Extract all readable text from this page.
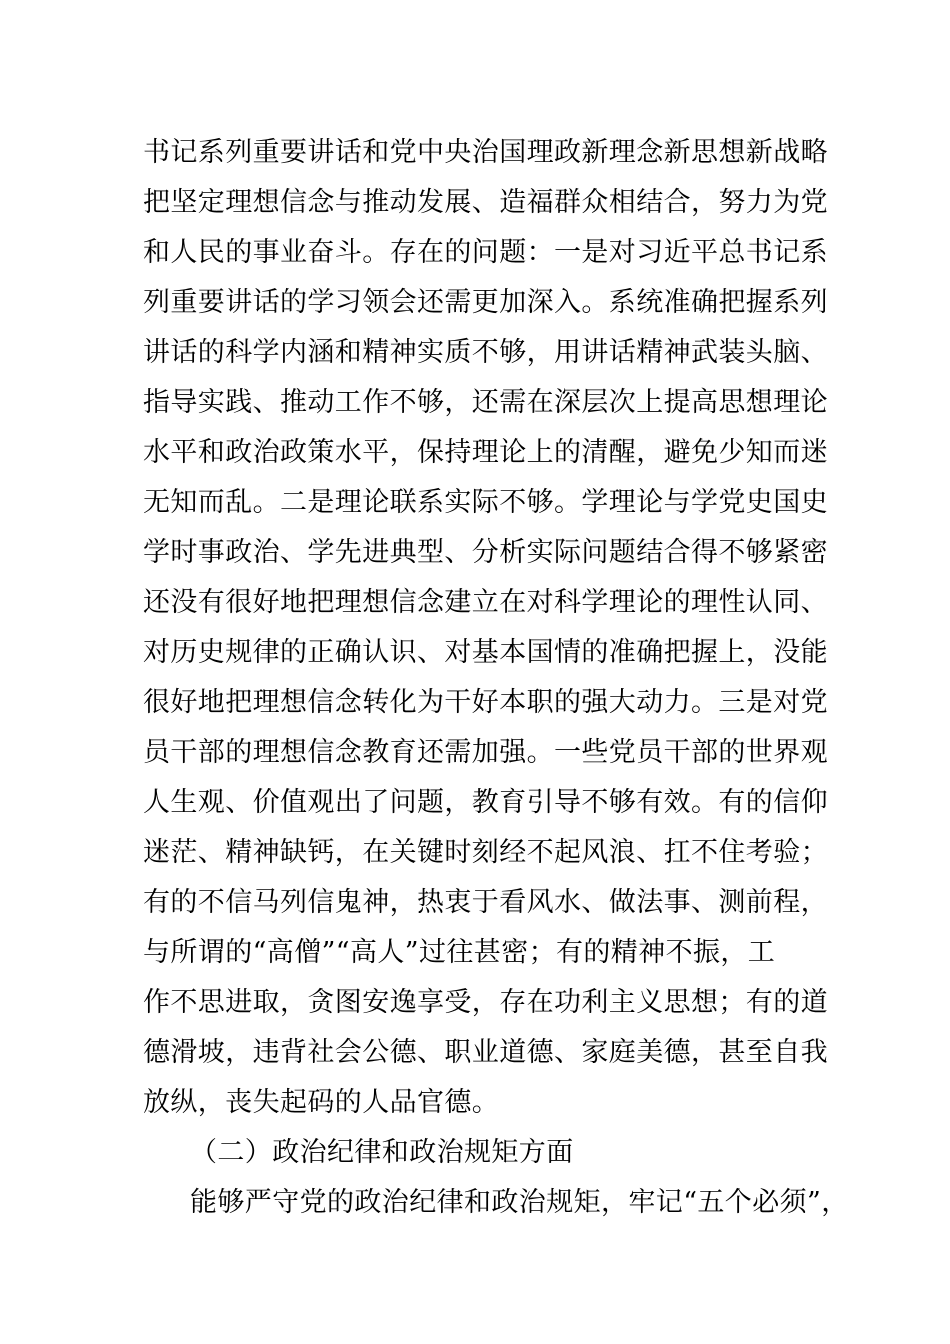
书记系列重要讲话和党中央治国理政新理念新思想新战略
把坚定理想信念与推动发展、造福群众相结合，努力为党
和人民的事业奋斗。存在的问题：一是对习近平总书记系
列重要讲话的学习领会还需更加深入。系统准确把握系列
讲话的科学内涵和精神实质不够，用讲话精神武装头脑、
指导实践、推动工作不够，还需在深层次上提高思想理论
水平和政治政策水平，保持理论上的清醒，避免少知而迷
无知而乱。二是理论联系实际不够。学理论与学党史国史
学时事政治、学先进典型、分析实际问题结合得不够紧密
还没有很好地把理想信念建立在对科学理论的理性认同、
对历史规律的正确认识、对基本国情的准确把握上，没能
很好地把理想信念转化为干好本职的强大动力。三是对党
员干部的理想信念教育还需加强。一些党员干部的世界观
人生观、价值观出了问题，教育引导不够有效。有的信仰
迷茫、精神缺钙，在关键时刻经不起风浪、扛不住考验；
有的不信马列信鬼神，热衷于看风水、做法事、测前程，
与所谓的“高僧”“高人”过往甚密；有的精神不振，工
作不思进取，贪图安逸享受，存在功利主义思想；有的道
德滑坡，违背社会公德、职业道德、家庭美德，甚至自我
放纵，丧失起码的人品官德。
（二）政治纪律和政治规矩方面
能够严守党的政治纪律和政治规矩，牢记“五个必须”，
